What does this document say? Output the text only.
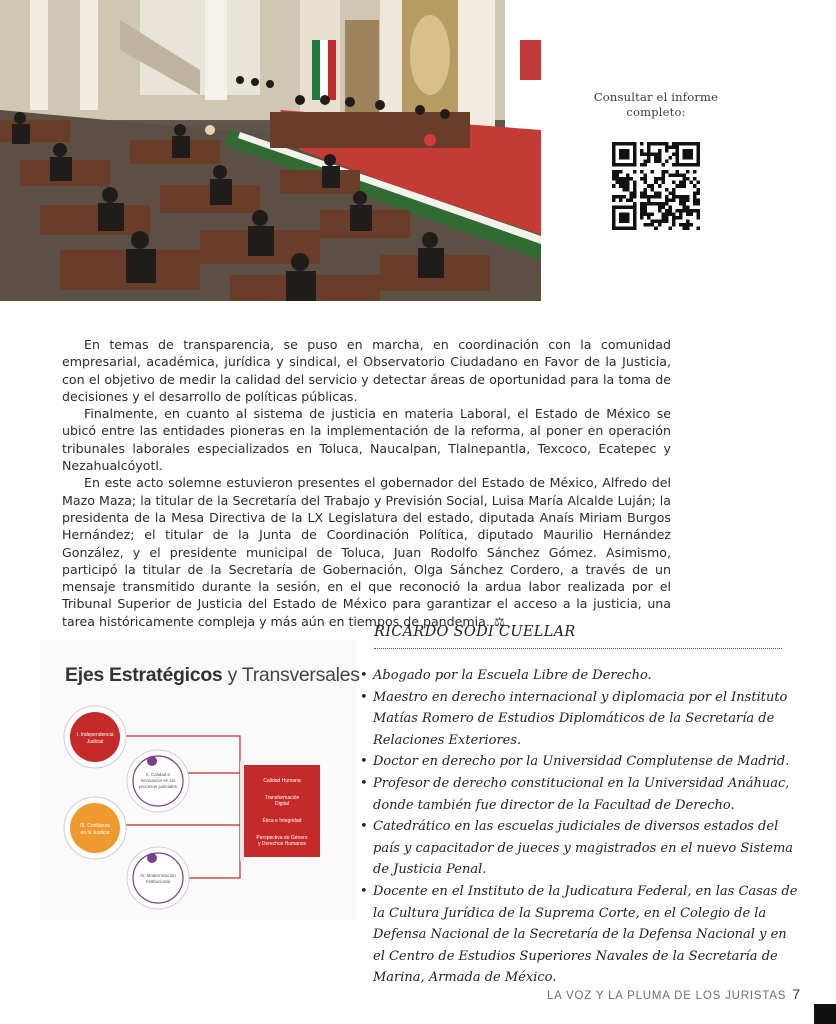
Consultar el informe
completo:

En temas de transparencia, se puso en marcha, en coordinación con la comunidad empresarial, académica, jurídica y sindical, el Observatorio Ciudadano en Favor de la Justicia, con el objetivo de medir la calidad del servicio y detectar áreas de oportunidad para la toma de decisiones y el desarrollo de políticas públicas.

Finalmente, en cuanto al sistema de justicia en materia Laboral, el Estado de México se ubicó entre las entidades pioneras en la implementación de la reforma, al poner en operación tribunales laborales especializados en Toluca, Naucalpan, Tlalnepantla, Texcoco, Ecatepec y Nezahualcóyotl.

En este acto solemne estuvieron presentes el gobernador del Estado de México, Alfredo del Mazo Maza; la titular de la Secretaría del Trabajo y Previsión Social, Luisa María Alcalde Luján; la presidenta de la Mesa Directiva de la LX Legislatura del estado, diputada Anaís Miriam Burgos Hernández; el titular de la Junta de Coordinación Política, diputado Maurilio Hernández González, y el presidente municipal de Toluca, Juan Rodolfo Sánchez Gómez. Asimismo, participó la titular de la Secretaría de Gobernación, Olga Sánchez Cordero, a través de un mensaje transmitido durante la sesión, en el que reconoció la ardua labor realizada por el Tribunal Superior de Justicia del Estado de México para garantizar el acceso a la justicia, una tarea históricamente compleja y más aún en tiempos de pandemia. ⚖

I. Independencia
Judicial
II. Calidad e
innovación en los
procesos judiciales
III. Confianza
en la Justicia
IV. Modernización
Institucional
Calidad Humana
Transformación
Digital
Ética e Integridad
Perspectiva de Género
y Derechos Humanos
Ejes Estratégicos y Transversales
RICARDO SODI CUELLAR
• Abogado por la Escuela Libre de Derecho.
• Maestro en derecho internacional y diplomacia por el Instituto Matías Romero de Estudios Diplomáticos de la Secretaría de Relaciones Exteriores.
• Doctor en derecho por la Universidad Complutense de Madrid.
• Profesor de derecho constitucional en la Universidad Anáhuac, donde también fue director de la Facultad de Derecho.
• Catedrático en las escuelas judiciales de diversos estados del país y capacitador de jueces y magistrados en el nuevo Sistema de Justicia Penal.
• Docente en el Instituto de la Judicatura Federal, en las Casas de la Cultura Jurídica de la Suprema Corte, en el Colegio de la Defensa Nacional de la Secretaría de la Defensa Nacional y en el Centro de Estudios Superiores Navales de la Secretaría de Marina, Armada de México.
LA VOZ Y LA PLUMA DE LOS JURISTAS 7
